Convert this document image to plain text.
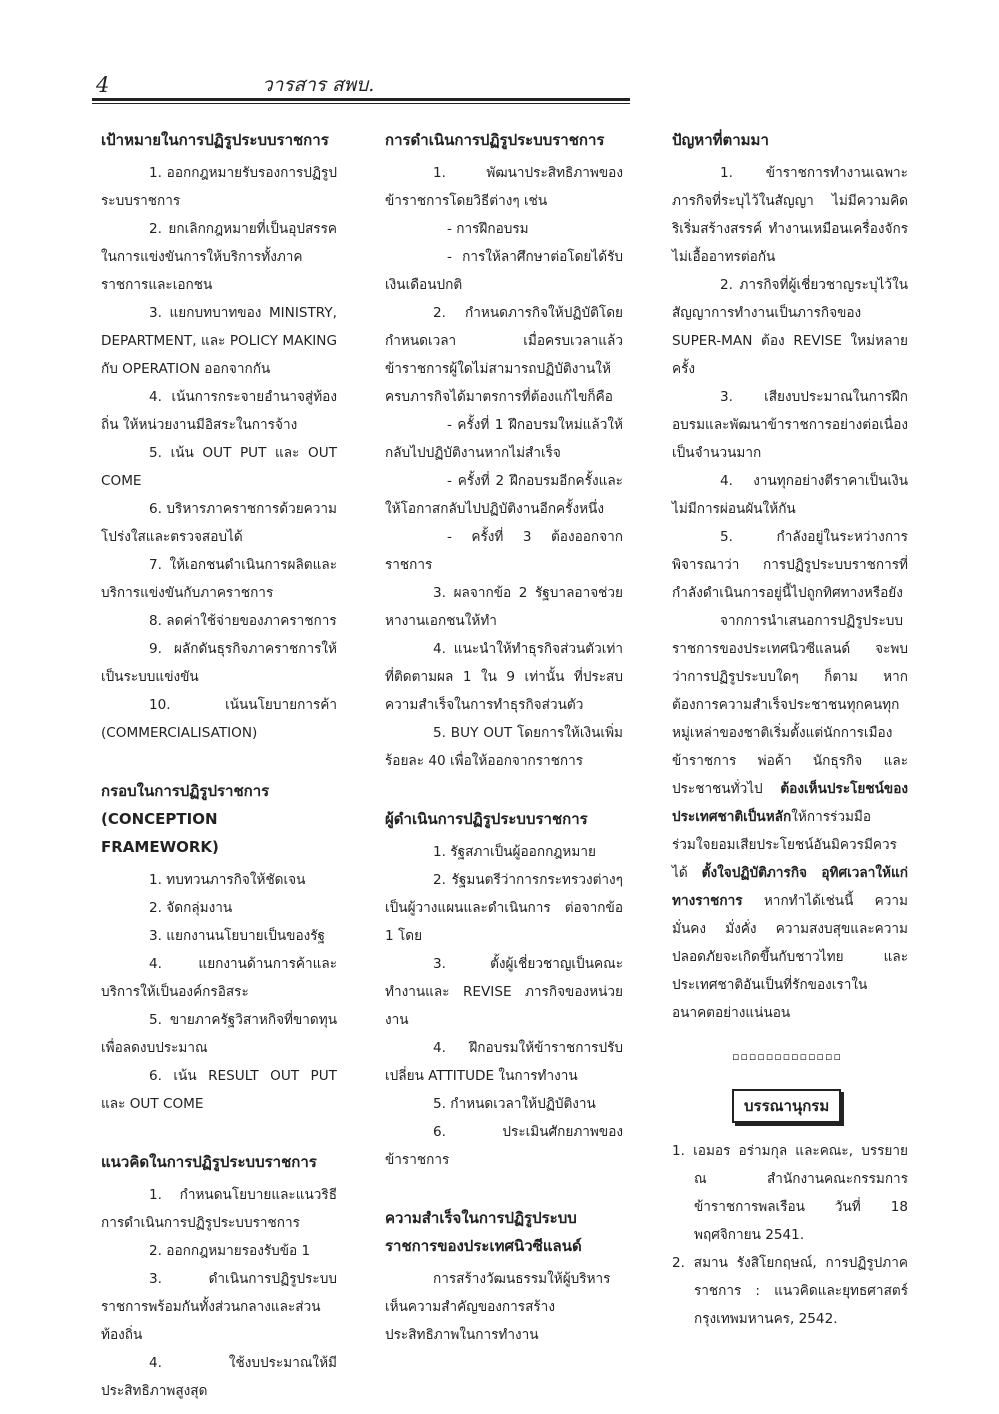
4	วารสาร สพบ.
เป้าหมายในการปฏิรูประบบราชการ

1. ออกกฎหมายรับรองการปฏิรูประบบราชการ

2. ยกเลิกกฎหมายที่เป็นอุปสรรคในการแข่งขันการให้บริการทั้งภาคราชการและเอกชน

3. แยกบทบาทของ MINISTRY, DEPARTMENT, และ POLICY MAKING กับ OPERATION ออกจากกัน

4. เน้นการกระจายอำนาจสู่ท้องถิ่น ให้หน่วยงานมีอิสระในการจ้าง

5. เน้น OUT PUT และ OUT COME

6. บริหารภาคราชการด้วยความโปร่งใสและตรวจสอบได้

7. ให้เอกชนดำเนินการผลิตและบริการแข่งขันกับภาคราชการ

8. ลดค่าใช้จ่ายของภาคราชการ

9. ผลักดันธุรกิจภาคราชการให้เป็นระบบแข่งขัน

10. เน้นนโยบายการค้า (COMMERCIALISATION)

กรอบในการปฏิรูปราชการ (CONCEPTION FRAMEWORK)

1. ทบทวนภารกิจให้ชัดเจน

2. จัดกลุ่มงาน

3. แยกงานนโยบายเป็นของรัฐ

4. แยกงานด้านการค้าและบริการให้เป็นองค์กรอิสระ

5. ขายภาครัฐวิสาหกิจที่ขาดทุนเพื่อลดงบประมาณ

6. เน้น RESULT OUT PUT และ OUT COME

แนวคิดในการปฏิรูประบบราชการ

1. กำหนดนโยบายและแนวริธีการดำเนินการปฏิรูประบบราชการ

2. ออกกฎหมายรองรับข้อ 1

3. ดำเนินการปฏิรูประบบราชการพร้อมกันทั้งส่วนกลางและส่วนท้องถิ่น

4. ใช้งบประมาณให้มีประสิทธิภาพสูงสุด

การดำเนินการปฏิรูประบบราชการ

1. พัฒนาประสิทธิภาพของข้าราชการโดยวิธีต่างๆ เช่น

- การฝึกอบรม

- การให้ลาศึกษาต่อโดยได้รับเงินเดือนปกติ

2. กำหนดภารกิจให้ปฏิบัติโดยกำหนดเวลา เมื่อครบเวลาแล้วข้าราชการผู้ใดไม่สามารถปฏิบัติงานให้ครบภารกิจได้มาตรการที่ต้องแก้ไขก็คือ

- ครั้งที่ 1 ฝึกอบรมใหม่แล้วให้กลับไปปฏิบัติงานหากไม่สำเร็จ

- ครั้งที่ 2 ฝึกอบรมอีกครั้งและให้โอกาสกลับไปปฏิบัติงานอีกครั้งหนึ่ง

- ครั้งที่ 3 ต้องออกจากราชการ

3. ผลจากข้อ 2 รัฐบาลอาจช่วยหางานเอกชนให้ทำ

4. แนะนำให้ทำธุรกิจส่วนตัวเท่าที่ติดตามผล 1 ใน 9 เท่านั้น ที่ประสบความสำเร็จในการทำธุรกิจส่วนตัว

5. BUY OUT โดยการให้เงินเพิ่มร้อยละ 40 เพื่อให้ออกจากราชการ

ผู้ดำเนินการปฏิรูประบบราชการ

1. รัฐสภาเป็นผู้ออกกฎหมาย

2. รัฐมนตรีว่าการกระทรวงต่างๆเป็นผู้วางแผนและดำเนินการ ต่อจากข้อ 1 โดย

3. ตั้งผู้เชี่ยวชาญเป็นคณะทำงานและ REVISE ภารกิจของหน่วยงาน

4. ฝึกอบรมให้ข้าราชการปรับเปลี่ยน ATTITUDE ในการทำงาน

5. กำหนดเวลาให้ปฏิบัติงาน

6. ประเมินศักยภาพของข้าราชการ

ความสำเร็จในการปฏิรูประบบราชการของประเทศนิวซีแลนด์

การสร้างวัฒนธรรมให้ผู้บริหารเห็นความสำคัญของการสร้างประสิทธิภาพในการทำงาน

ปัญหาที่ตามมา

1. ข้าราชการทำงานเฉพาะภารกิจที่ระบุไว้ในสัญญา ไม่มีความคิดริเริ่มสร้างสรรค์ ทำงานเหมือนเครื่องจักรไม่เอื้ออาทรต่อกัน

2. ภารกิจที่ผู้เชี่ยวชาญระบุไว้ในสัญญาการทำงานเป็นภารกิจของ SUPER-MAN ต้อง REVISE ใหม่หลายครั้ง

3. เสียงบประมาณในการฝึกอบรมและพัฒนาข้าราชการอย่างต่อเนื่องเป็นจำนวนมาก

4. งานทุกอย่างตีราคาเป็นเงินไม่มีการผ่อนผันให้กัน

5. กำลังอยู่ในระหว่างการพิจารณาว่า การปฏิรูประบบราชการที่กำลังดำเนินการอยู่นี้ไปถูกทิศทางหรือยัง

จากการนำเสนอการปฏิรูประบบราชการของประเทศนิวซีแลนด์ จะพบว่าการปฏิรูประบบใดๆ ก็ตาม หากต้องการความสำเร็จประชาชนทุกคนทุกหมู่เหล่าของชาติเริ่มตั้งแต่นักการเมือง ข้าราชการ พ่อค้า นักธุรกิจ และประชาชนทั่วไป ต้องเห็นประโยชน์ของประเทศชาติเป็นหลักให้การร่วมมือร่วมใจยอมเสียประโยชน์อันมิควรมีควรได้ ตั้งใจปฏิบัติภารกิจ อุทิศเวลาให้แก่ทางราชการ หากทำได้เช่นนี้ ความมั่นคง มั่งคั่ง ความสงบสุขและความปลอดภัยจะเกิดขึ้นกับชาวไทย และประเทศชาติอันเป็นที่รักของเราในอนาคตอย่างแน่นอน

▫▫▫▫▫▫▫▫▫▫▫▫▫
บรรณานุกรม

1. เอมอร อร่ามกุล และคณะ, บรรยาย ณ สำนักงานคณะกรรมการข้าราชการพลเรือน วันที่ 18 พฤศจิกายน 2541.

2. สมาน รังสิโยกฤษณ์, การปฏิรูปภาคราชการ : แนวคิดและยุทธศาสตร์ กรุงเทพมหานคร, 2542.
